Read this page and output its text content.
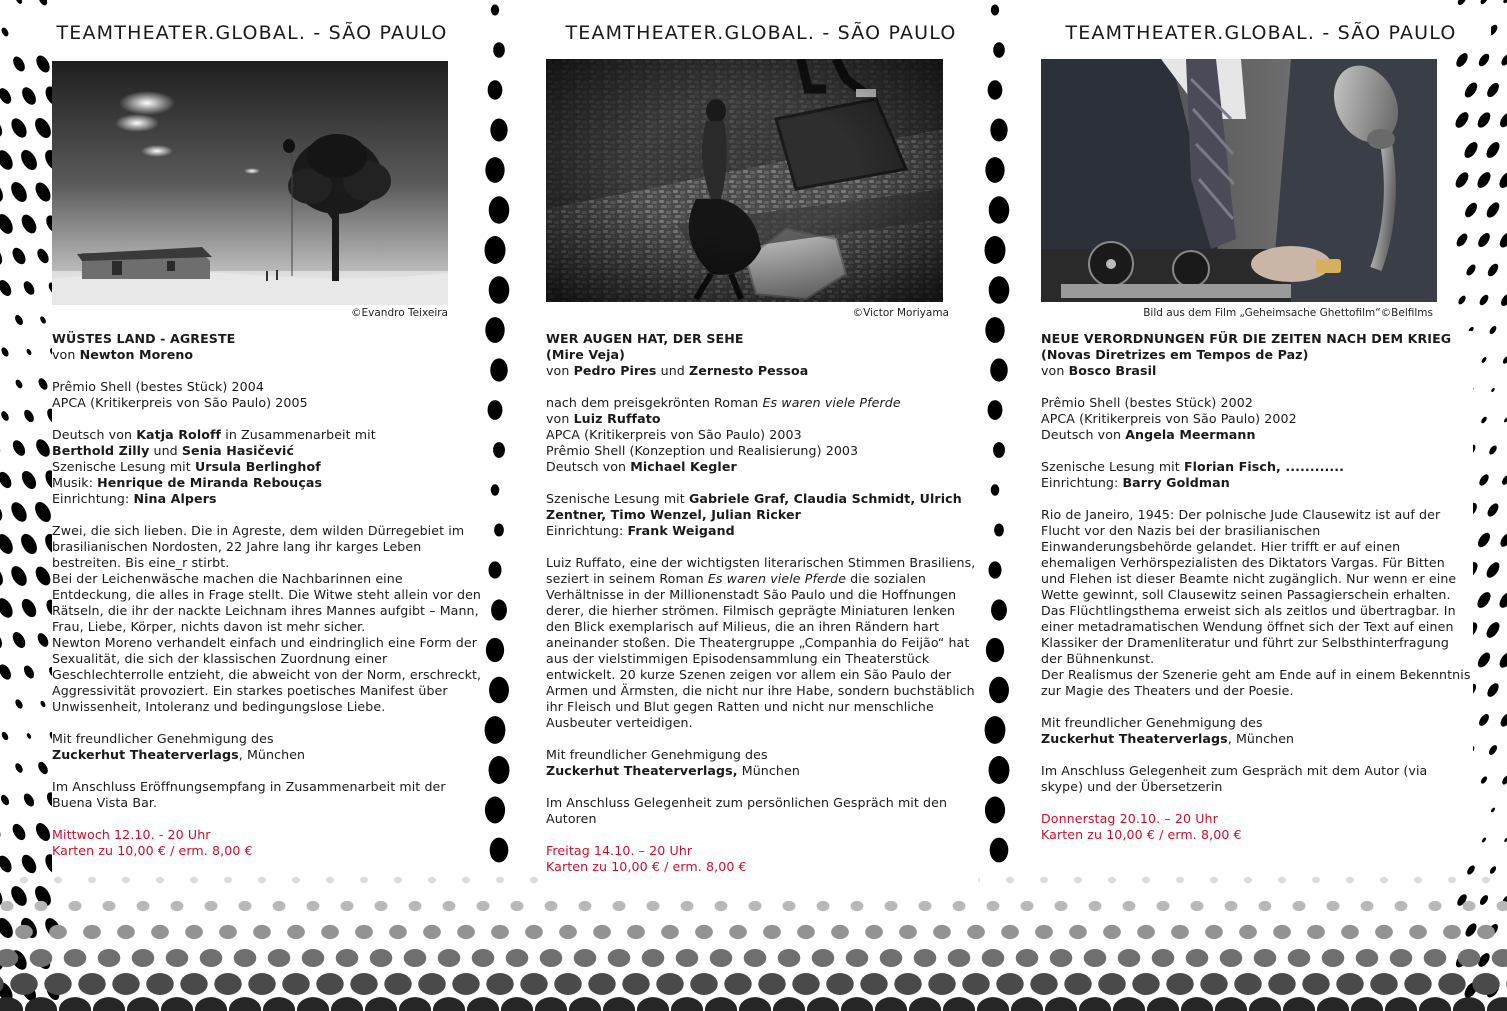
TEAMTHEATER.GLOBAL. - SÃO PAULO
©Evandro Teixeira

WÜSTES LAND - AGRESTE
von Newton Moreno

Prêmio Shell (bestes Stück) 2004
APCA (Kritikerpreis von São Paulo) 2005

Deutsch von Katja Roloff in Zusammenarbeit mit
Berthold Zilly und Senia Hasičević
Szenische Lesung mit Ursula Berlinghof
Musik: Henrique de Miranda Rebouças
Einrichtung: Nina Alpers

Zwei, die sich lieben. Die in Agreste, dem wilden Dürregebiet im brasilianischen Nordosten, 22 Jahre lang ihr karges Leben bestreiten. Bis eine_r stirbt.
Bei der Leichenwäsche machen die Nachbarinnen eine Entdeckung, die alles in Frage stellt. Die Witwe steht allein vor den Rätseln, die ihr der nackte Leichnam ihres Mannes aufgibt – Mann, Frau, Liebe, Körper, nichts davon ist mehr sicher.
Newton Moreno verhandelt einfach und eindringlich eine Form der Sexualität, die sich der klassischen Zuordnung einer Geschlechterrolle entzieht, die abweicht von der Norm, erschreckt, Aggressivität provoziert. Ein starkes poetisches Manifest über Unwissenheit, Intoleranz und bedingungslose Liebe.

Mit freundlicher Genehmigung des
Zuckerhut Theaterverlags, München

Im Anschluss Eröffnungsempfang in Zusammenarbeit mit der Buena Vista Bar.

Mittwoch 12.10. - 20 Uhr
Karten zu 10,00 € / erm. 8,00 €

TEAMTHEATER.GLOBAL. - SÃO PAULO
©Victor Moriyama

WER AUGEN HAT, DER SEHE
(Mire Veja)
von Pedro Pires und Zernesto Pessoa

nach dem preisgekrönten Roman Es waren viele Pferde
von Luiz Ruffato
APCA (Kritikerpreis von São Paulo) 2003
Prêmio Shell (Konzeption und Realisierung) 2003
Deutsch von Michael Kegler

Szenische Lesung mit Gabriele Graf, Claudia Schmidt, Ulrich Zentner, Timo Wenzel, Julian Ricker
Einrichtung: Frank Weigand

Luiz Ruffato, eine der wichtigsten literarischen Stimmen Brasiliens, seziert in seinem Roman Es waren viele Pferde die sozialen Verhältnisse in der Millionenstadt São Paulo und die Hoffnungen derer, die hierher strömen. Filmisch geprägte Miniaturen lenken den Blick exemplarisch auf Milieus, die an ihren Rändern hart aneinander stoßen. Die Theatergruppe „Companhia do Feijão“ hat aus der vielstimmigen Episodensammlung ein Theaterstück entwickelt. 20 kurze Szenen zeigen vor allem ein São Paulo der Armen und Ärmsten, die nicht nur ihre Habe, sondern buchstäblich ihr Fleisch und Blut gegen Ratten und nicht nur menschliche Ausbeuter verteidigen.

Mit freundlicher Genehmigung des
Zuckerhut Theaterverlags, München

Im Anschluss Gelegenheit zum persönlichen Gespräch mit den Autoren

Freitag 14.10. – 20 Uhr
Karten zu 10,00 € / erm. 8,00 €

TEAMTHEATER.GLOBAL. - SÃO PAULO
Bild aus dem Film „Geheimsache Ghettofilm“©Belfilms

NEUE VERORDNUNGEN FÜR DIE ZEITEN NACH DEM KRIEG
(Novas Diretrizes em Tempos de Paz)
von Bosco Brasil

Prêmio Shell (bestes Stück) 2002
APCA (Kritikerpreis von São Paulo) 2002
Deutsch von Angela Meermann

Szenische Lesung mit Florian Fisch, ............
Einrichtung: Barry Goldman

Rio de Janeiro, 1945: Der polnische Jude Clausewitz ist auf der Flucht vor den Nazis bei der brasilianischen Einwanderungsbehörde gelandet. Hier trifft er auf einen ehemaligen Verhörspezialisten des Diktators Vargas. Für Bitten und Flehen ist dieser Beamte nicht zugänglich. Nur wenn er eine Wette gewinnt, soll Clausewitz seinen Passagierschein erhalten.
Das Flüchtlingsthema erweist sich als zeitlos und übertragbar. In einer metadramatischen Wendung öffnet sich der Text auf einen Klassiker der Dramenliteratur und führt zur Selbsthinterfragung der Bühnenkunst.
Der Realismus der Szenerie geht am Ende auf in einem Bekenntnis zur Magie des Theaters und der Poesie.

Mit freundlicher Genehmigung des
Zuckerhut Theaterverlags, München

Im Anschluss Gelegenheit zum Gespräch mit dem Autor (via skype) und der Übersetzerin

Donnerstag 20.10. – 20 Uhr
Karten zu 10,00 € / erm. 8,00 €
